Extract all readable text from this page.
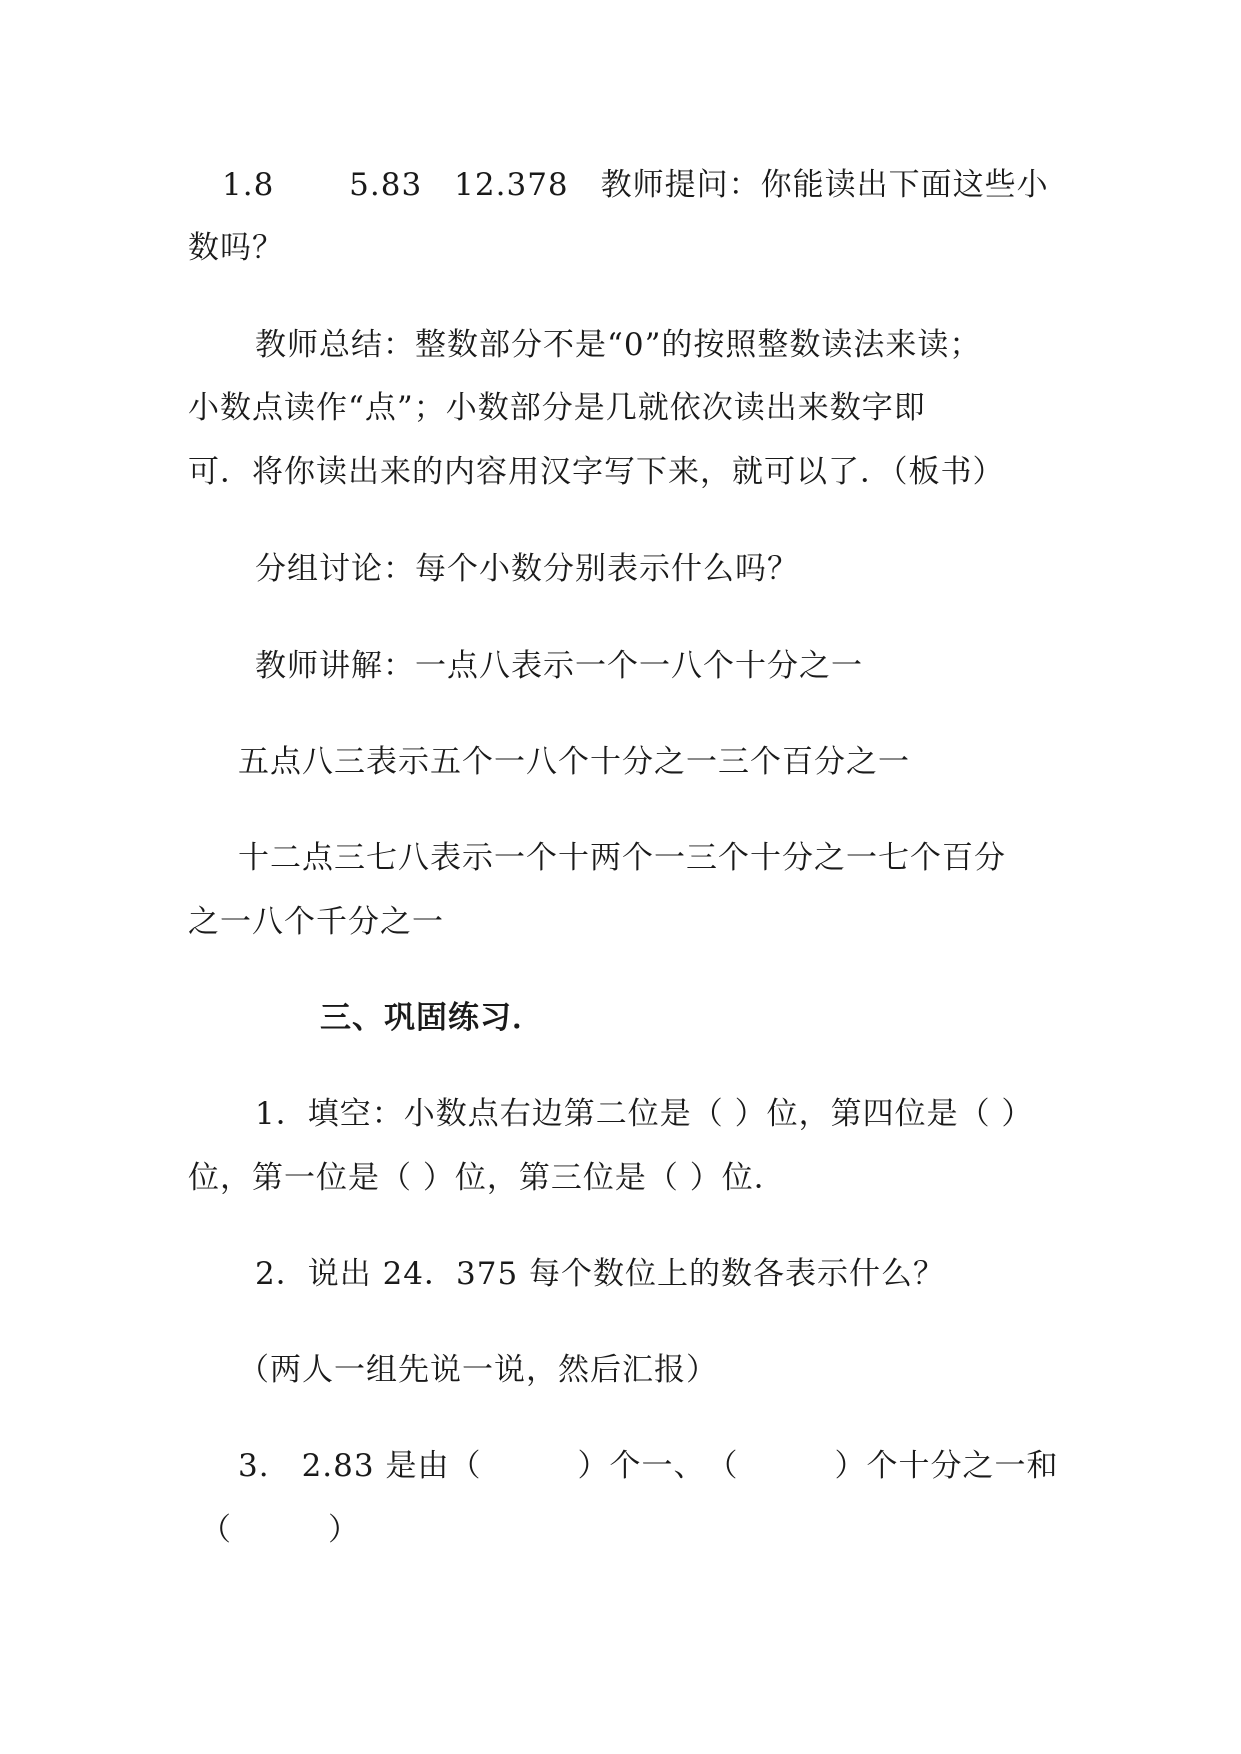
1.8　　 5.83　12.378　教师提问：你能读出下面这些小
数吗？
教师总结：整数部分不是“0”的按照整数读法来读；
小数点读作“点”；小数部分是几就依次读出来数字即
可．将你读出来的内容用汉字写下来，就可以了．（板书）
分组讨论：每个小数分别表示什么吗？
教师讲解：一点八表示一个一八个十分之一
五点八三表示五个一八个十分之一三个百分之一
十二点三七八表示一个十两个一三个十分之一七个百分
之一八个千分之一
三、巩固练习．
1．填空：小数点右边第二位是（ ）位，第四位是（ ）
位，第一位是（ ）位，第三位是（ ）位．
2．说出 24．375 每个数位上的数各表示什么？
（两人一组先说一说，然后汇报）
3.　2.83 是由（　　　）个一、　（　　　）个十分之一和
（　　　）
